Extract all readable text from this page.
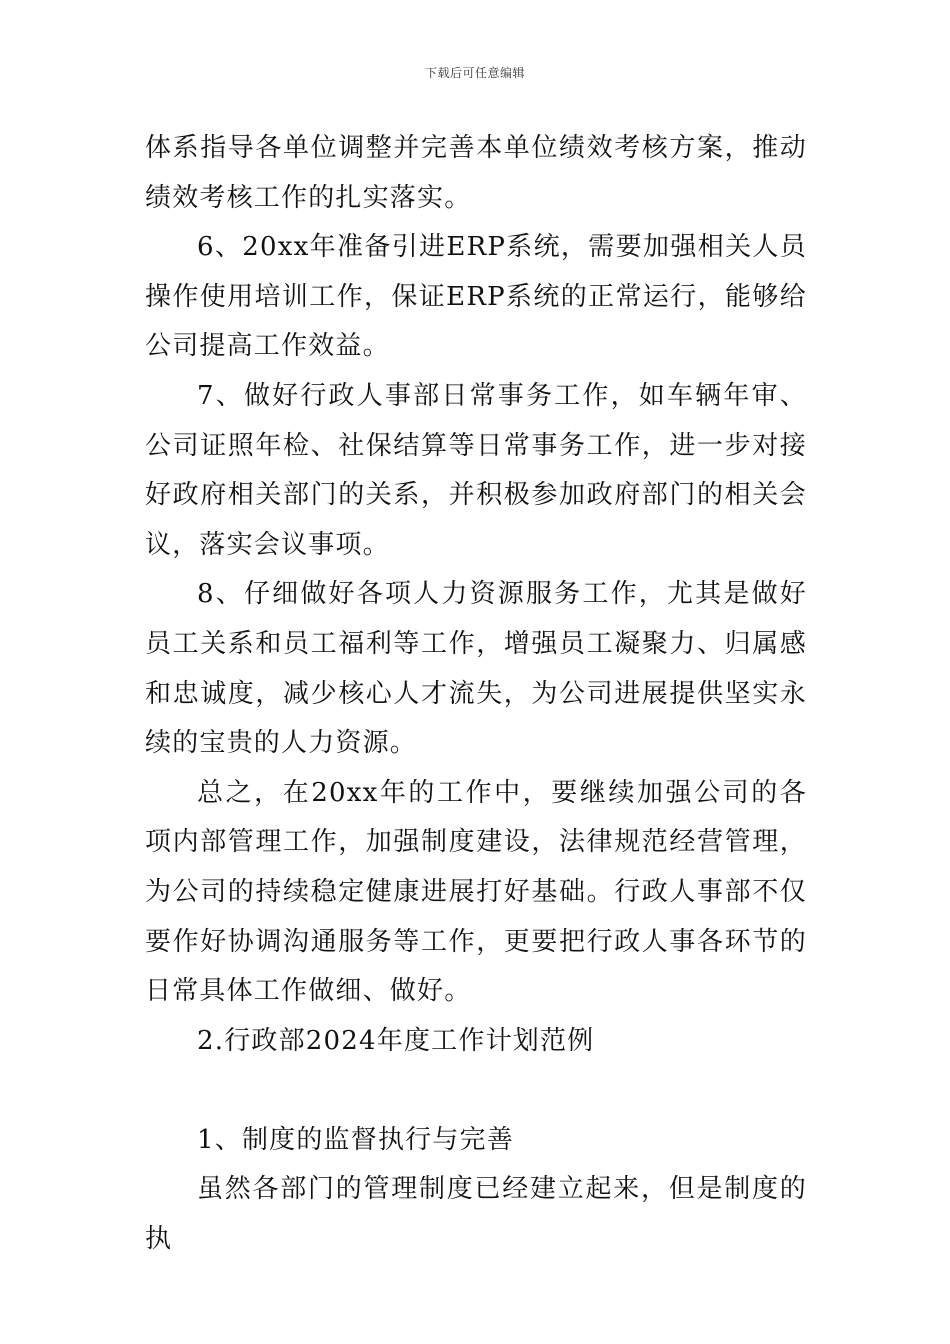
下载后可任意编辑

体系指导各单位调整并完善本单位绩效考核方案，推动绩效考核工作的扎实落实。

6、20xx年准备引进ERP系统，需要加强相关人员操作使用培训工作，保证ERP系统的正常运行，能够给公司提高工作效益。

7、做好行政人事部日常事务工作，如车辆年审、公司证照年检、社保结算等日常事务工作，进一步对接好政府相关部门的关系，并积极参加政府部门的相关会议，落实会议事项。

8、仔细做好各项人力资源服务工作，尤其是做好员工关系和员工福利等工作，增强员工凝聚力、归属感和忠诚度，减少核心人才流失，为公司进展提供坚实永续的宝贵的人力资源。

总之，在20xx年的工作中，要继续加强公司的各项内部管理工作，加强制度建设，法律规范经营管理，为公司的持续稳定健康进展打好基础。行政人事部不仅要作好协调沟通服务等工作，更要把行政人事各环节的日常具体工作做细、做好。

2.行政部2024年度工作计划范例

1、制度的监督执行与完善

虽然各部门的管理制度已经建立起来，但是制度的执
